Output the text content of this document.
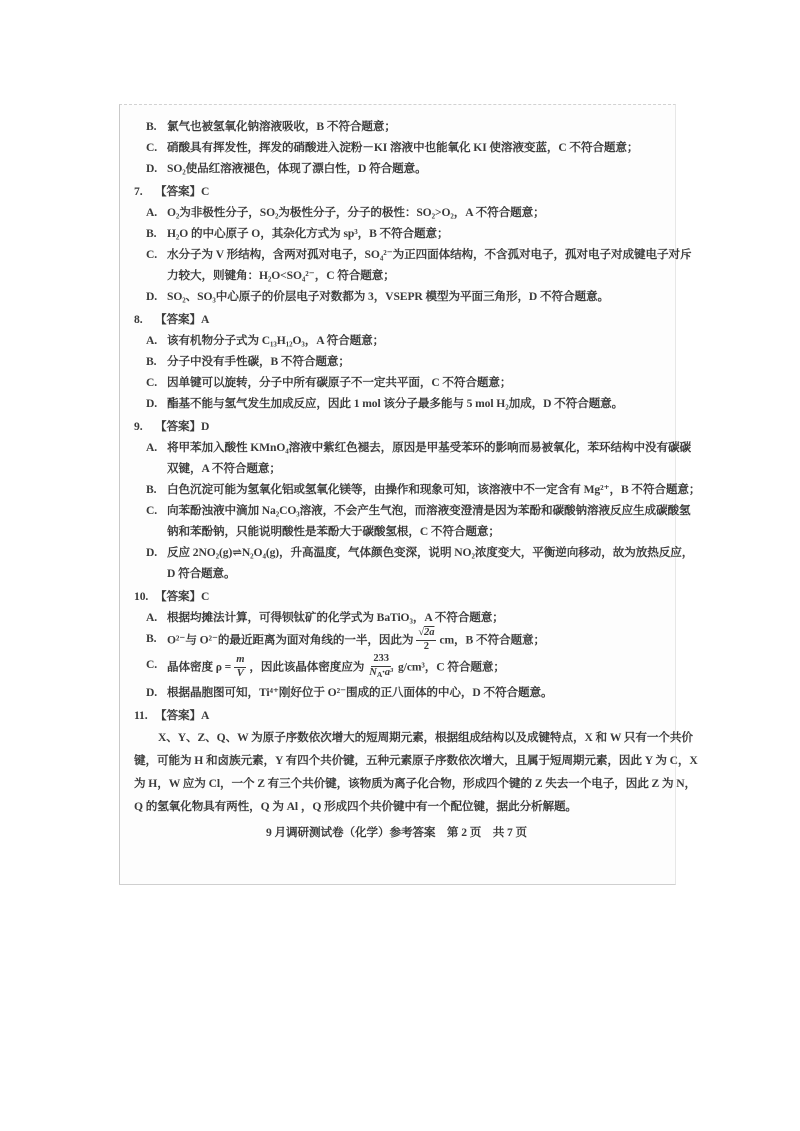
B. 氯气也被氢氧化钠溶液吸收，B 不符合题意；
C. 硝酸具有挥发性，挥发的硝酸进入淀粉－KI 溶液中也能氧化 KI 使溶液变蓝，C 不符合题意；
D. SO₂使品红溶液褪色，体现了漂白性，D 符合题意。
7. 【答案】C
A. O₂为非极性分子，SO₂为极性分子，分子的极性：SO₂>O₂，A 不符合题意；
B. H₂O 的中心原子 O，其杂化方式为 sp³，B 不符合题意；
C. 水分子为 V 形结构，含两对孤对电子，SO₄²⁻为正四面体结构，不含孤对电子，孤对电子对成键电子对斥
力较大，则键角：H₂O<SO₄²⁻，C 符合题意；
D. SO₂、SO₃中心原子的价层电子对数都为 3，VSEPR 模型为平面三角形，D 不符合题意。
8. 【答案】A
A. 该有机物分子式为 C₁₃H₁₂O₃，A 符合题意；
B. 分子中没有手性碳，B 不符合题意；
C. 因单键可以旋转，分子中所有碳原子不一定共平面，C 不符合题意；
D. 酯基不能与氢气发生加成反应，因此 1 mol 该分子最多能与 5 mol H₂加成，D 不符合题意。
9. 【答案】D
A. 将甲苯加入酸性 KMnO₄溶液中紫红色褪去，原因是甲基受苯环的影响而易被氧化，苯环结构中没有碳碳
双键，A 不符合题意；
B. 白色沉淀可能为氢氧化铝或氢氧化镁等，由操作和现象可知，该溶液中不一定含有 Mg²⁺，B 不符合题意；
C. 向苯酚浊液中滴加 Na₂CO₃溶液，不会产生气泡，而溶液变澄清是因为苯酚和碳酸钠溶液反应生成碳酸氢
钠和苯酚钠，只能说明酸性是苯酚大于碳酸氢根，C 不符合题意；
D. 反应 2NO₂(g)⇌N₂O₄(g)，升高温度，气体颜色变深，说明 NO₂浓度变大，平衡逆向移动，故为放热反应，
D 符合题意。
10. 【答案】C
A. 根据均摊法计算，可得钡钛矿的化学式为 BaTiO₃，A 不符合题意；
B. O²⁻与 O²⁻的最近距离为面对角线的一半，因此为 $\frac{√2a}{2}$ cm，B 不符合题意；
C. 晶体密度 $\rho = \frac{m}{V}$ ，因此该晶体密度应为 $\frac{233}{\text{NA·a³}} g/cm^3$，C 符合题意；
D. 根据晶胞图可知，Ti⁴⁺刚好位于 O²⁻围成的正八面体的中心，D 不符合题意。
11. 【答案】A
X、Y、Z、Q、W 为原子序数依次增大的短周期元素，根据组成结构以及成键特点，X 和 W 只有一个共价
键，可能为 H 和卤族元素，Y 有四个共价键，五种元素原子序数依次增大，且属于短周期元素，因此 Y 为 C，X
为 H，W 应为 Cl，一个 Z 有三个共价键，该物质为离子化合物，形成四个键的 Z 失去一个电子，因此 Z 为 N，
Q 的氢氧化物具有两性，Q 为 Al ，Q 形成四个共价键中有一个配位键，据此分析解题。
9 月调研测试卷（化学）参考答案　第 2 页　共 7 页
